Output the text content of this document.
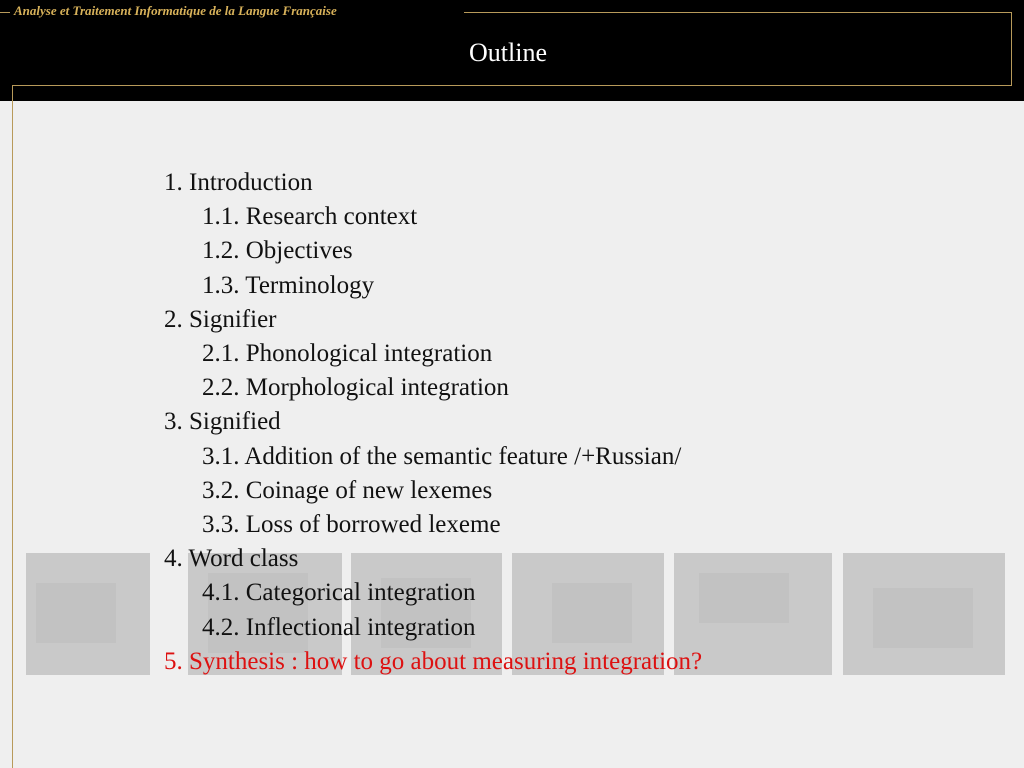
Analyse et Traitement Informatique de la Langue Française
Outline
1. Introduction
1.1. Research context
1.2. Objectives
1.3. Terminology
2. Signifier
2.1. Phonological integration
2.2. Morphological integration
3. Signified
3.1. Addition of the semantic feature /+Russian/
3.2. Coinage of new lexemes
3.3. Loss of borrowed lexeme
4. Word class
4.1. Categorical integration
4.2. Inflectional integration
5. Synthesis : how to go about measuring integration?
